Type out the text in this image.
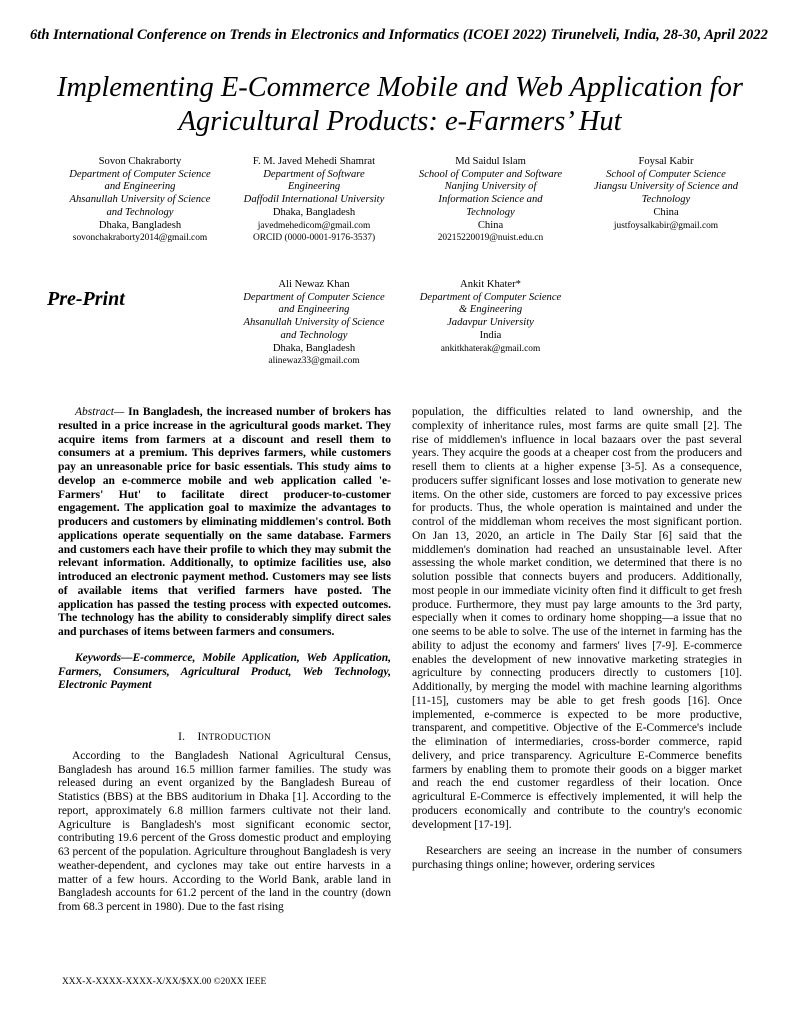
6th International Conference on Trends in Electronics and Informatics (ICOEI 2022) Tirunelveli, India, 28-30, April 2022
Implementing E-Commerce Mobile and Web Application for Agricultural Products: e-Farmers’ Hut
Sovon Chakraborty
Department of Computer Science
and Engineering
Ahsanullah University of Science
and Technology
Dhaka, Bangladesh
sovonchakraborty2014@gmail.com
F. M. Javed Mehedi Shamrat
Department of Software
Engineering
Daffodil International University
Dhaka, Bangladesh
javedmehedicom@gmail.com
ORCID (0000-0001-9176-3537)
Md Saidul Islam
School of Computer and Software
Nanjing University of
Information Science and
Technology
China
20215220019@nuist.edu.cn
Foysal Kabir
School of Computer Science
Jiangsu University of Science and
Technology
China
justfoysalkabir@gmail.com
Pre-Print
Ali Newaz Khan
Department of Computer Science
and Engineering
Ahsanullah University of Science
and Technology
Dhaka, Bangladesh
alinewaz33@gmail.com
Ankit Khater*
Department of Computer Science
& Engineering
Jadavpur University
India
ankitkhaterak@gmail.com

Abstract— In Bangladesh, the increased number of brokers has resulted in a price increase in the agricultural goods market. They acquire items from farmers at a discount and resell them to consumers at a premium. This deprives farmers, while customers pay an unreasonable price for basic essentials. This study aims to develop an e-commerce mobile and web application called 'e-Farmers' Hut' to facilitate direct producer-to-customer engagement. The application goal to maximize the advantages to producers and customers by eliminating middlemen's control. Both applications operate sequentially on the same database. Farmers and customers each have their profile to which they may submit the relevant information. Additionally, to optimize facilities use, also introduced an electronic payment method. Customers may see lists of available items that verified farmers have posted. The application has passed the testing process with expected outcomes. The technology has the ability to considerably simplify direct sales and purchases of items between farmers and consumers.

Keywords—E-commerce, Mobile Application, Web Application, Farmers, Consumers, Agricultural Product, Web Technology, Electronic Payment

I. INTRODUCTION

According to the Bangladesh National Agricultural Census, Bangladesh has around 16.5 million farmer families. The study was released during an event organized by the Bangladesh Bureau of Statistics (BBS) at the BBS auditorium in Dhaka [1]. According to the report, approximately 6.8 million farmers cultivate not their land. Agriculture is Bangladesh's most significant economic sector, contributing 19.6 percent of the Gross domestic product and employing 63 percent of the population. Agriculture throughout Bangladesh is very weather-dependent, and cyclones may take out entire harvests in a matter of a few hours. According to the World Bank, arable land in Bangladesh accounts for 61.2 percent of the land in the country (down from 68.3 percent in 1980). Due to the fast rising

population, the difficulties related to land ownership, and the complexity of inheritance rules, most farms are quite small [2]. The rise of middlemen's influence in local bazaars over the past several years. They acquire the goods at a cheaper cost from the producers and resell them to clients at a higher expense [3-5]. As a consequence, producers suffer significant losses and lose motivation to generate new items. On the other side, customers are forced to pay excessive prices for products. Thus, the whole operation is maintained and under the control of the middleman whom receives the most significant portion. On Jan 13, 2020, an article in The Daily Star [6] said that the middlemen's domination had reached an unsustainable level. After assessing the whole market condition, we determined that there is no solution possible that connects buyers and producers. Additionally, most people in our immediate vicinity often find it difficult to get fresh produce. Furthermore, they must pay large amounts to the 3rd party, especially when it comes to ordinary home shopping—a issue that no one seems to be able to solve. The use of the internet in farming has the ability to adjust the economy and farmers' lives [7-9]. E-commerce enables the development of new innovative marketing strategies in agriculture by connecting producers directly to customers [10]. Additionally, by merging the model with machine learning algorithms [11-15], customers may be able to get fresh goods [16]. Once implemented, e-commerce is expected to be more productive, transparent, and competitive. Objective of the E-Commerce's include the elimination of intermediaries, cross-border commerce, rapid delivery, and price transparency. Agriculture E-Commerce benefits farmers by enabling them to promote their goods on a bigger market and reach the end customer regardless of their location. Once agricultural E-Commerce is effectively implemented, it will help the producers economically and contribute to the country's economic development [17-19].

Researchers are seeing an increase in the number of consumers purchasing things online; however, ordering services

XXX-X-XXXX-XXXX-X/XX/$XX.00 ©20XX IEEE
